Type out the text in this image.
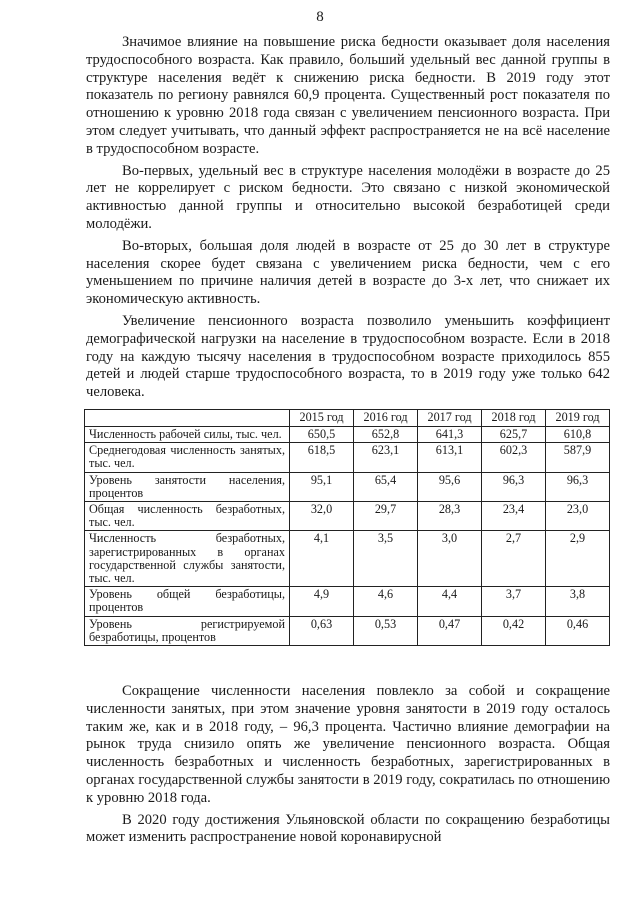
8

Значимое влияние на повышение риска бедности оказывает доля населения трудоспособного возраста. Как правило, больший удельный вес данной группы в структуре населения ведёт к снижению риска бедности. В 2019 году этот показатель по региону равнялся 60,9 процента. Существенный рост показателя по отношению к уровню 2018 года связан с увеличением пенсионного возраста. При этом следует учитывать, что данный эффект распространяется не на всё население в трудоспособном возрасте.

Во-первых, удельный вес в структуре населения молодёжи в возрасте до 25 лет не коррелирует с риском бедности. Это связано с низкой экономической активностью данной группы и относительно высокой безработицей среди молодёжи.

Во-вторых, большая доля людей в возрасте от 25 до 30 лет в структуре населения скорее будет связана с увеличением риска бедности, чем с его уменьшением по причине наличия детей в возрасте до 3-х лет, что снижает их экономическую активность.

Увеличение пенсионного возраста позволило уменьшить коэффициент демографической нагрузки на население в трудоспособном возрасте. Если в 2018 году на каждую тысячу населения в трудоспособном возрасте приходилось 855 детей и людей старше трудоспособного возраста, то в 2019 году уже только 642 человека.

	2015 год	2016 год	2017 год	2018 год	2019 год
Численность рабочей силы, тыс. чел.	650,5	652,8	641,3	625,7	610,8
Среднегодовая численность занятых, тыс. чел.	618,5	623,1	613,1	602,3	587,9
Уровень занятости населения, процентов	95,1	65,4	95,6	96,3	96,3
Общая численность безработных, тыс. чел.	32,0	29,7	28,3	23,4	23,0
Численность безработных, зарегистрированных в органах государственной службы занятости, тыс. чел.	4,1	3,5	3,0	2,7	2,9
Уровень общей безработицы, процентов	4,9	4,6	4,4	3,7	3,8
Уровень регистрируемой безработицы, процентов	0,63	0,53	0,47	0,42	0,46

Сокращение численности населения повлекло за собой и сокращение численности занятых, при этом значение уровня занятости в 2019 году осталось таким же, как и в 2018 году, – 96,3 процента. Частично влияние демографии на рынок труда снизило опять же увеличение пенсионного возраста. Общая численность безработных и численность безработных, зарегистрированных в органах государственной службы занятости в 2019 году, сократилась по отношению к уровню 2018 года.

В 2020 году достижения Ульяновской области по сокращению безработицы может изменить распространение новой коронавирусной
